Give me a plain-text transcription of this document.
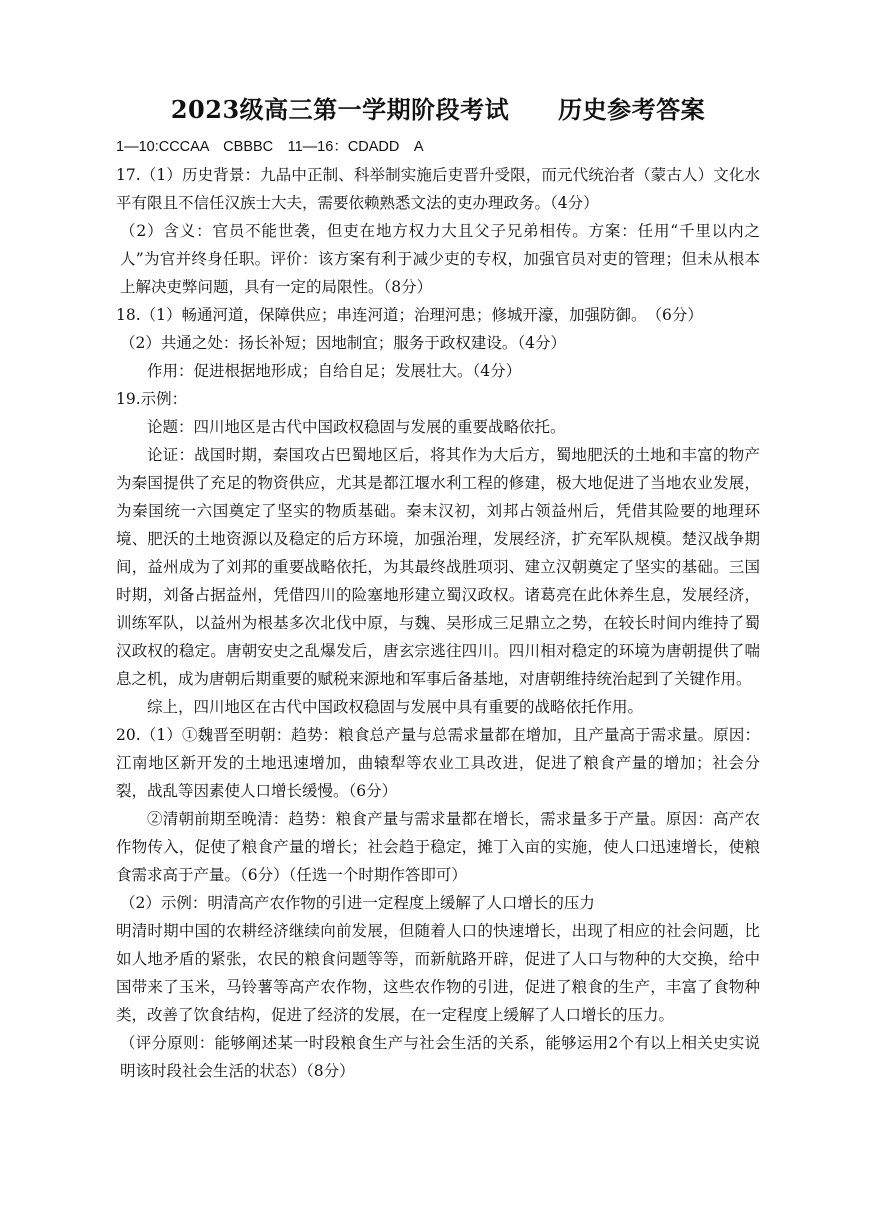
2023级高三第一学期阶段考试　　历史参考答案

1—10:CCCAA　CBBBC　11—16：CDADD　A

17.（1）历史背景：九品中正制、科举制实施后吏晋升受限，而元代统治者（蒙古人）文化水平有限且不信任汉族士大夫，需要依赖熟悉文法的吏办理政务。（4分）

（2）含义：官员不能世袭，但吏在地方权力大且父子兄弟相传。方案：任用“千里以内之人”为官并终身任职。评价：该方案有利于减少吏的专权，加强官员对吏的管理；但未从根本上解决吏弊问题，具有一定的局限性。（8分）

18.（1）畅通河道，保障供应；串连河道；治理河患；修城开濠，加强防御。　（6分）

（2）共通之处：扬长补短；因地制宜；服务于政权建设。（4分）

作用：促进根据地形成；自给自足；发展壮大。（4分）

19.示例：

论题：四川地区是古代中国政权稳固与发展的重要战略依托。

论证：战国时期，秦国攻占巴蜀地区后，将其作为大后方，蜀地肥沃的土地和丰富的物产为秦国提供了充足的物资供应，尤其是都江堰水利工程的修建，极大地促进了当地农业发展，为秦国统一六国奠定了坚实的物质基础。秦末汉初，刘邦占领益州后，凭借其险要的地理环境、肥沃的土地资源以及稳定的后方环境，加强治理，发展经济，扩充军队规模。楚汉战争期间，益州成为了刘邦的重要战略依托，为其最终战胜项羽、建立汉朝奠定了坚实的基础。三国时期，刘备占据益州，凭借四川的险塞地形建立蜀汉政权。诸葛亮在此休养生息，发展经济，训练军队，以益州为根基多次北伐中原，与魏、吴形成三足鼎立之势，在较长时间内维持了蜀汉政权的稳定。唐朝安史之乱爆发后，唐玄宗逃往四川。四川相对稳定的环境为唐朝提供了喘息之机，成为唐朝后期重要的赋税来源地和军事后备基地，对唐朝维持统治起到了关键作用。

综上，四川地区在古代中国政权稳固与发展中具有重要的战略依托作用。

20.（1）①魏晋至明朝：趋势：粮食总产量与总需求量都在增加，且产量高于需求量。原因：江南地区新开发的土地迅速增加，曲辕犁等农业工具改进，促进了粮食产量的增加；社会分裂，战乱等因素使人口增长缓慢。（6分）

②清朝前期至晚清：趋势：粮食产量与需求量都在增长，需求量多于产量。原因：高产农作物传入，促使了粮食产量的增长；社会趋于稳定，摊丁入亩的实施，使人口迅速增长，使粮食需求高于产量。（6分）（任选一个时期作答即可）

（2）示例：明清高产农作物的引进一定程度上缓解了人口增长的压力

明清时期中国的农耕经济继续向前发展，但随着人口的快速增长，出现了相应的社会问题，比如人地矛盾的紧张，农民的粮食问题等等，而新航路开辟，促进了人口与物种的大交换，给中国带来了玉米，马铃薯等高产农作物，这些农作物的引进，促进了粮食的生产，丰富了食物种类，改善了饮食结构，促进了经济的发展，在一定程度上缓解了人口增长的压力。

（评分原则：能够阐述某一时段粮食生产与社会生活的关系，能够运用2个有以上相关史实说明该时段社会生活的状态）（8分）
